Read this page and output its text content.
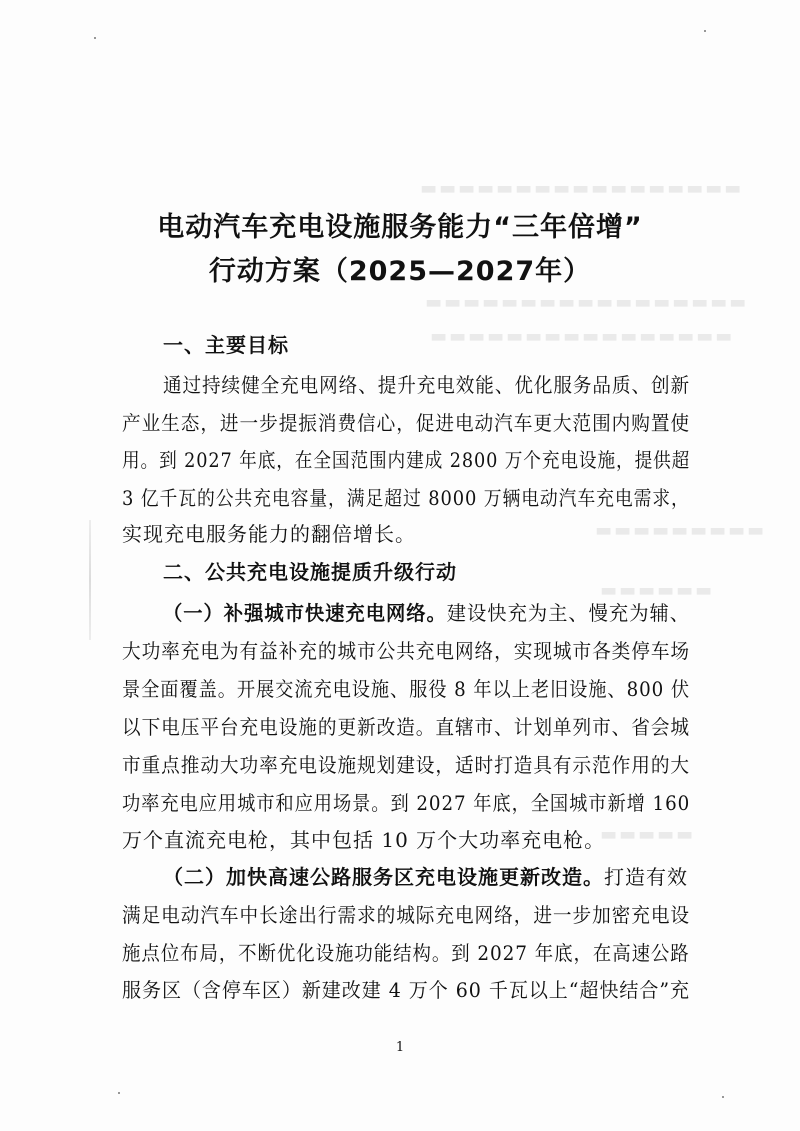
▬▬▬▬▬▬▬▬▬▬▬▬▬▬▬▬▬
▬▬▬▬▬▬▬▬▬▬▬▬▬▬▬▬▬
▬▬▬▬▬▬▬▬▬▬▬▬▬▬▬▬
▬▬▬▬▬▬▬▬▬
▬▬▬▬▬▬
▬▬▬▬▬
电动汽车充电设施服务能力“三年倍增”
行动方案（2025—2027年）
一、主要目标
通过持续健全充电网络、提升充电效能、优化服务品质、创新
产业生态，进一步提振消费信心，促进电动汽车更大范围内购置使
用。到 2027 年底，在全国范围内建成 2800 万个充电设施，提供超
3 亿千瓦的公共充电容量，满足超过 8000 万辆电动汽车充电需求，
实现充电服务能力的翻倍增长。
二、公共充电设施提质升级行动
（一）补强城市快速充电网络。建设快充为主、慢充为辅、
大功率充电为有益补充的城市公共充电网络，实现城市各类停车场
景全面覆盖。开展交流充电设施、服役 8 年以上老旧设施、800 伏
以下电压平台充电设施的更新改造。直辖市、计划单列市、省会城
市重点推动大功率充电设施规划建设，适时打造具有示范作用的大
功率充电应用城市和应用场景。到 2027 年底，全国城市新增 160
万个直流充电枪，其中包括 10 万个大功率充电枪。
（二）加快高速公路服务区充电设施更新改造。打造有效
满足电动汽车中长途出行需求的城际充电网络，进一步加密充电设
施点位布局，不断优化设施功能结构。到 2027 年底，在高速公路
服务区（含停车区）新建改建 4 万个 60 千瓦以上“超快结合”充
1
